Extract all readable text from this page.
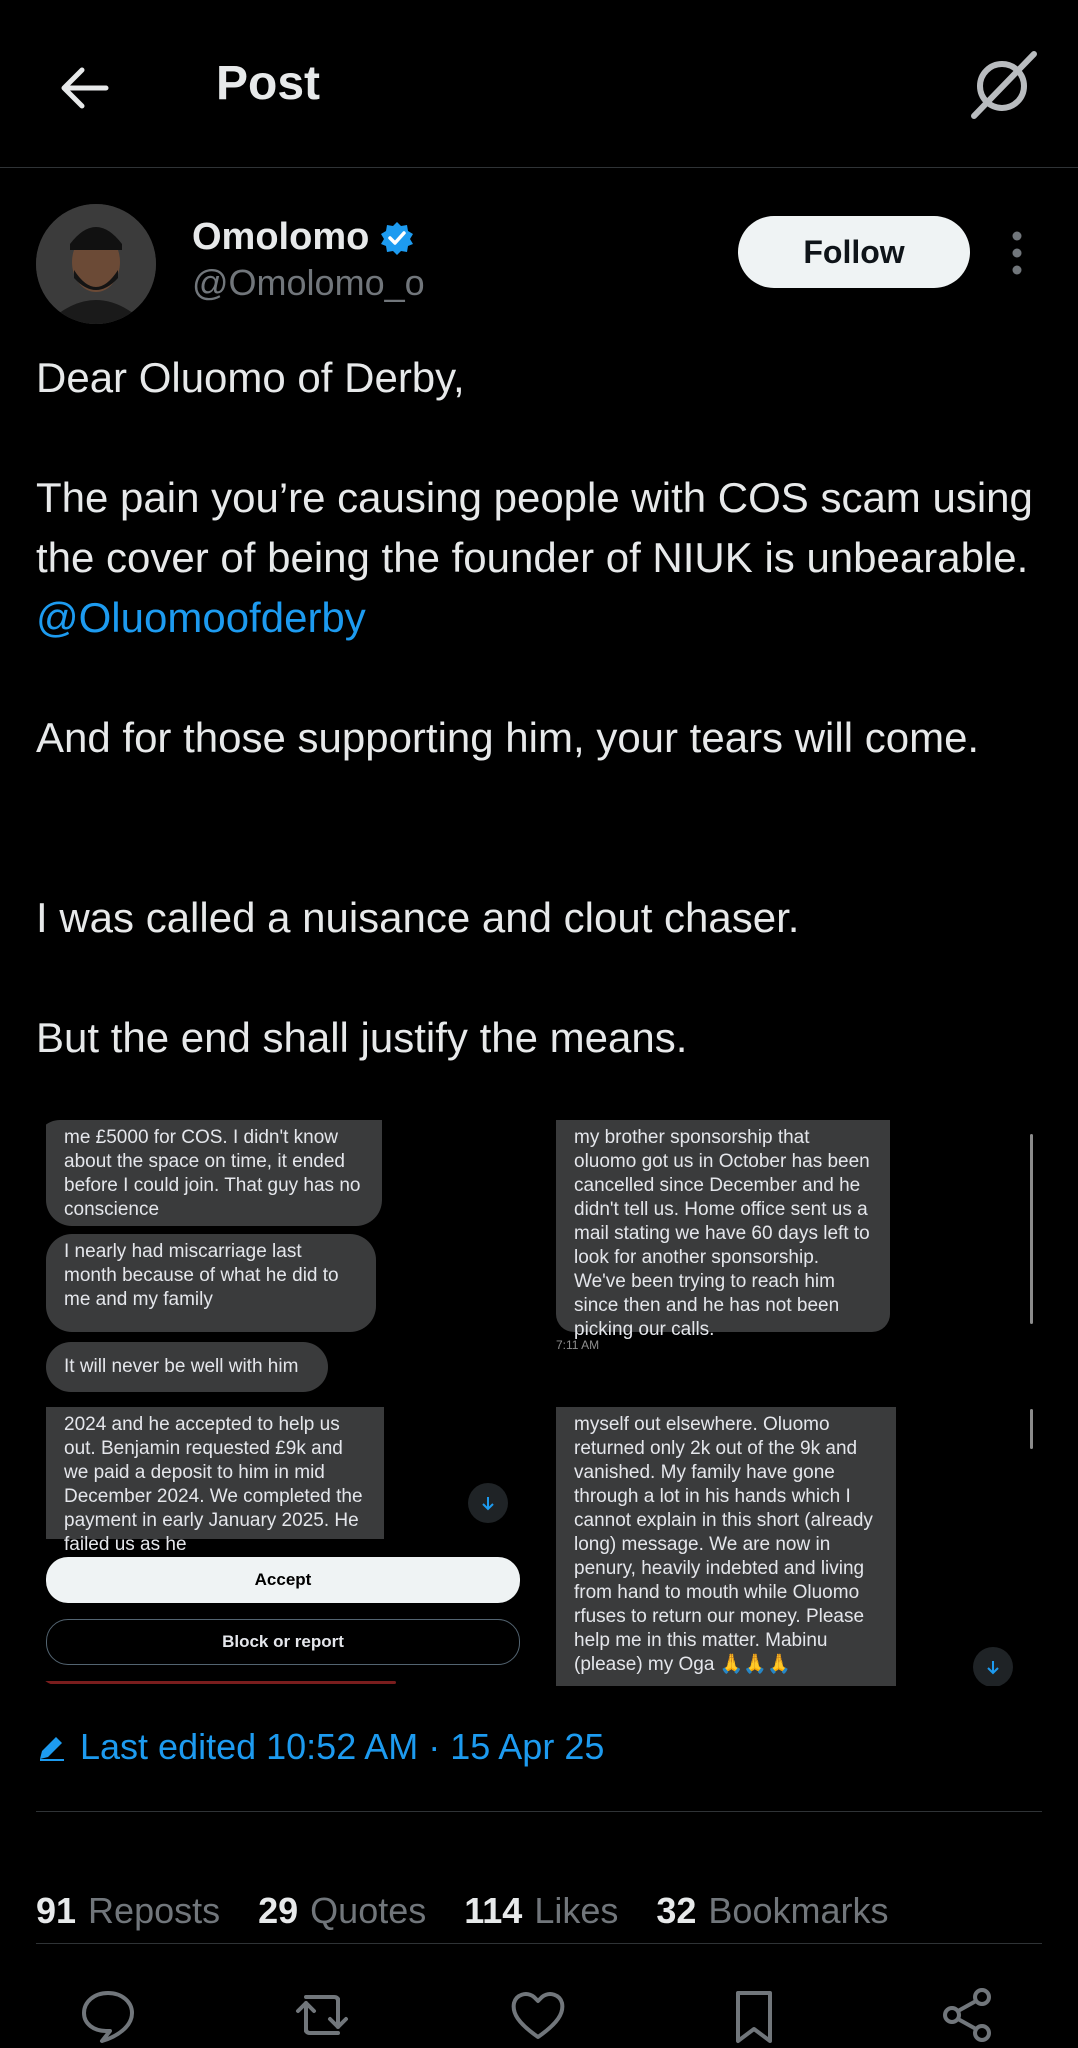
Post
Omolomo
@Omolomo_o
Follow
Dear Oluomo of Derby,
The pain you’re causing people with COS scam using the cover of being the founder of NIUK is unbearable. @Oluomoofderby
And for those supporting him, your tears will come.
I was called a nuisance and clout chaser.
But the end shall justify the means.
me £5000 for COS. I didn't know about the space on time, it ended before I could join. That guy has no conscience
I nearly had miscarriage last month because of what he did to me and my family
It will never be well with him
my brother sponsorship that oluomo got us in October has been cancelled since December and he didn't tell us. Home office sent us a mail stating we have 60 days left to look for another sponsorship. We've been trying to reach him since then and he has not been picking our calls.
7:11 AM
2024 and he accepted to help us out. Benjamin requested £9k and we paid a deposit to him in mid December 2024. We completed the payment in early January 2025. He failed us as he
Accept
Block or report
myself out elsewhere. Oluomo returned only 2k out of the 9k and vanished. My family have gone through a lot in his hands which I cannot explain in this short (already long) message. We are now in penury, heavily indebted and living from hand to mouth while Oluomo rfuses to return our money. Please help me in this matter. Mabinu (please) my Oga 🙏🙏🙏
Last edited 10:52 AM · 15 Apr 25
91 Reposts 29 Quotes 114 Likes 32 Bookmarks
